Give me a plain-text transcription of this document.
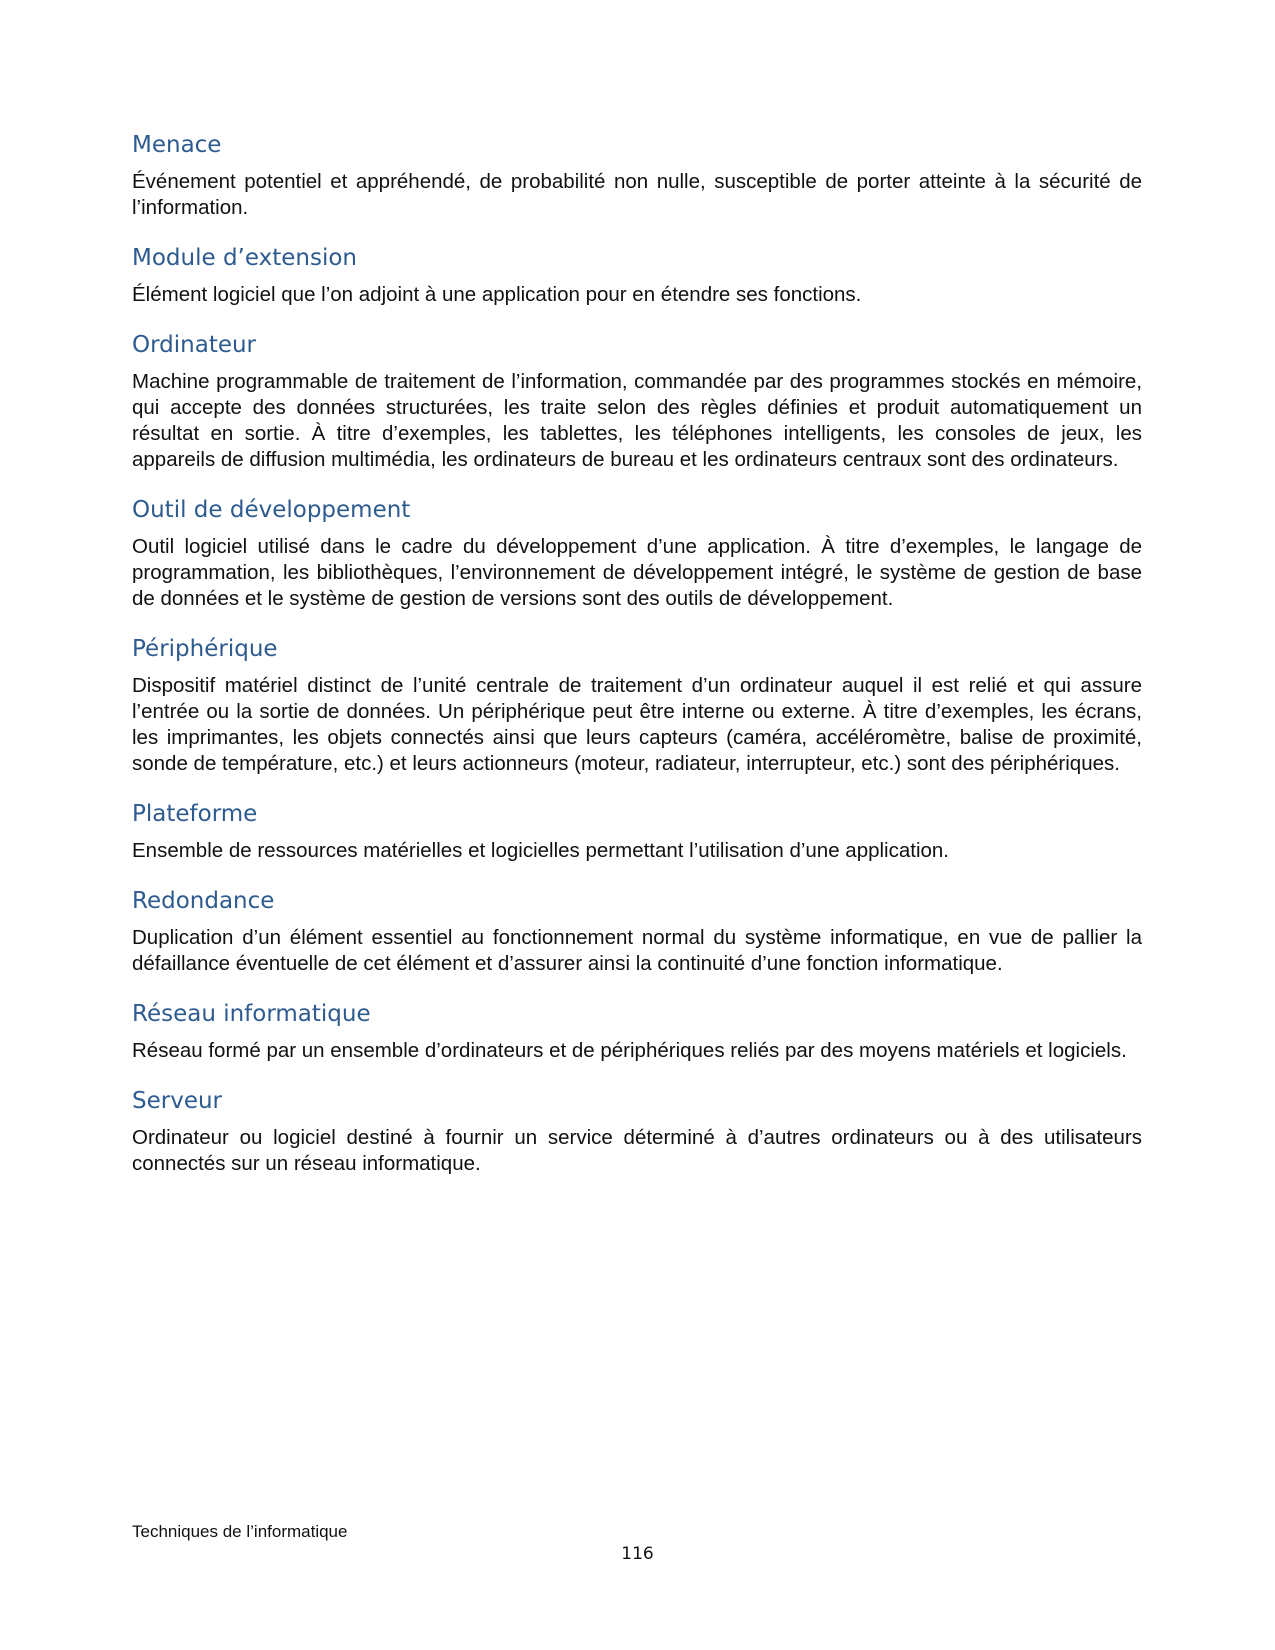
Menace

Événement potentiel et appréhendé, de probabilité non nulle, susceptible de porter atteinte à la sécurité de l’information.

Module d’extension

Élément logiciel que l’on adjoint à une application pour en étendre ses fonctions.

Ordinateur

Machine programmable de traitement de l’information, commandée par des programmes stockés en mémoire, qui accepte des données structurées, les traite selon des règles définies et produit automatiquement un résultat en sortie. À titre d’exemples, les tablettes, les téléphones intelligents, les consoles de jeux, les appareils de diffusion multimédia, les ordinateurs de bureau et les ordinateurs centraux sont des ordinateurs.

Outil de développement

Outil logiciel utilisé dans le cadre du développement d’une application. À titre d’exemples, le langage de programmation, les bibliothèques, l’environnement de développement intégré, le système de gestion de base de données et le système de gestion de versions sont des outils de développement.

Périphérique

Dispositif matériel distinct de l’unité centrale de traitement d’un ordinateur auquel il est relié et qui assure l’entrée ou la sortie de données. Un périphérique peut être interne ou externe. À titre d’exemples, les écrans, les imprimantes, les objets connectés ainsi que leurs capteurs (caméra, accéléromètre, balise de proximité, sonde de température, etc.) et leurs actionneurs (moteur, radiateur, interrupteur, etc.) sont des périphériques.

Plateforme

Ensemble de ressources matérielles et logicielles permettant l’utilisation d’une application.

Redondance

Duplication d’un élément essentiel au fonctionnement normal du système informatique, en vue de pallier la défaillance éventuelle de cet élément et d’assurer ainsi la continuité d’une fonction informatique.

Réseau informatique

Réseau formé par un ensemble d’ordinateurs et de périphériques reliés par des moyens matériels et logiciels.

Serveur

Ordinateur ou logiciel destiné à fournir un service déterminé à d’autres ordinateurs ou à des utilisateurs connectés sur un réseau informatique.

Techniques de l’informatique
116
